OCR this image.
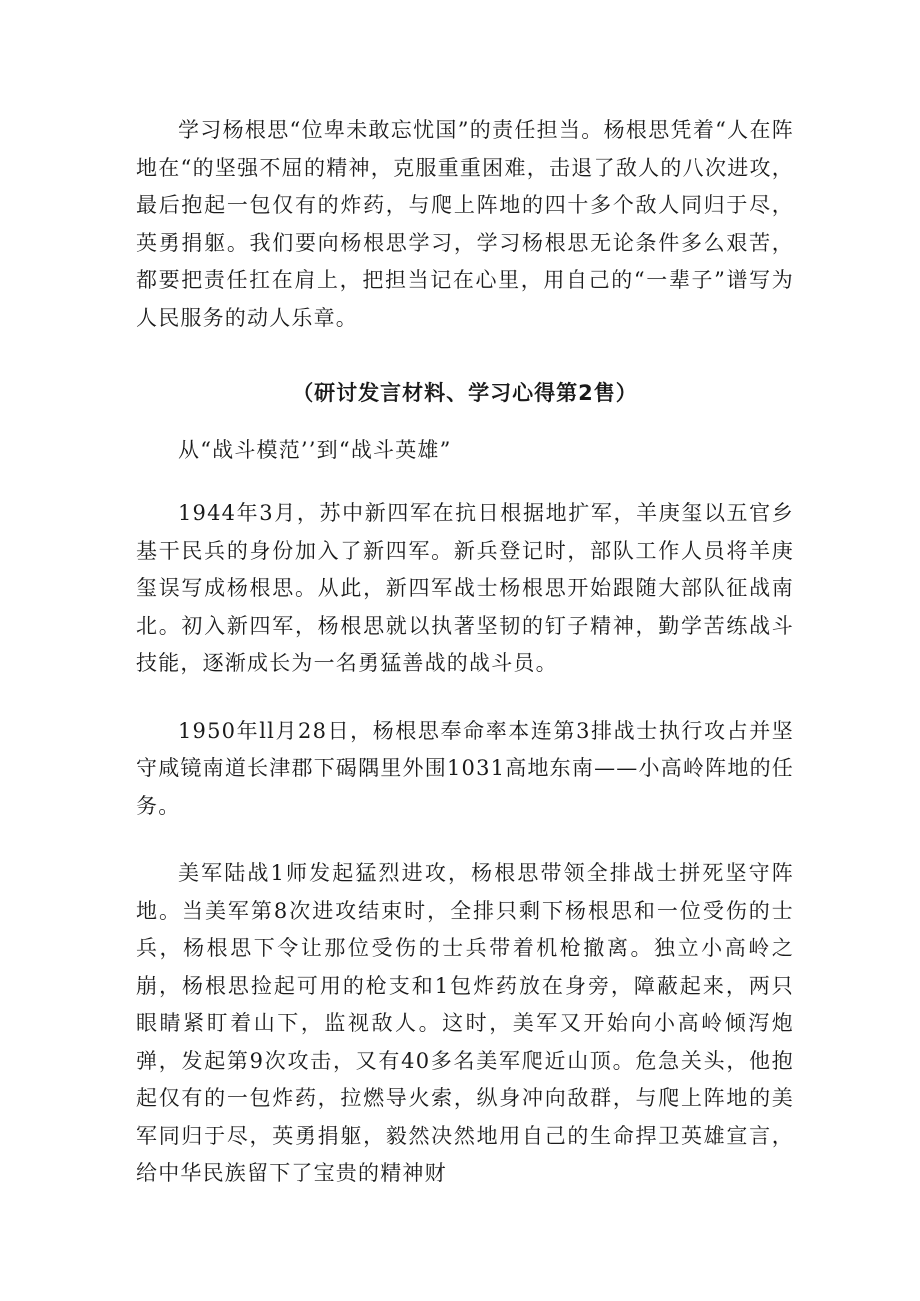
学习杨根思“位卑未敢忘忧国”的责任担当。杨根思凭着“人在阵地在“的坚强不屈的精神，克服重重困难，击退了敌人的八次进攻，最后抱起一包仅有的炸药，与爬上阵地的四十多个敌人同归于尽，英勇捐躯。我们要向杨根思学习，学习杨根思无论条件多么艰苦，都要把责任扛在肩上，把担当记在心里，用自己的“一辈子”谱写为人民服务的动人乐章。

（研讨发言材料、学习心得第2售）

从“战斗模范’’到“战斗英雄”

1944年3月，苏中新四军在抗日根据地扩军，羊庚玺以五官乡基干民兵的身份加入了新四军。新兵登记时，部队工作人员将羊庚玺误写成杨根思。从此，新四军战士杨根思开始跟随大部队征战南北。初入新四军，杨根思就以执著坚韧的钉子精神，勤学苦练战斗技能，逐渐成长为一名勇猛善战的战斗员。

1950年ll月28日，杨根思奉命率本连第3排战士执行攻占并坚守咸镜南道长津郡下碣隅里外围1031高地东南——小高岭阵地的任务。

美军陆战1师发起猛烈进攻，杨根思带领全排战士拼死坚守阵地。当美军第8次进攻结束时，全排只剩下杨根思和一位受伤的士兵，杨根思下令让那位受伤的士兵带着机枪撤离。独立小高岭之崩，杨根思捡起可用的枪支和1包炸药放在身旁，障蔽起来，两只眼睛紧盯着山下，监视敌人。这时，美军又开始向小高岭倾泻炮弹，发起第9次攻击，又有40多名美军爬近山顶。危急关头，他抱起仅有的一包炸药，拉燃导火索，纵身冲向敌群，与爬上阵地的美军同归于尽，英勇捐躯，毅然决然地用自己的生命捍卫英雄宣言，给中华民族留下了宝贵的精神财
